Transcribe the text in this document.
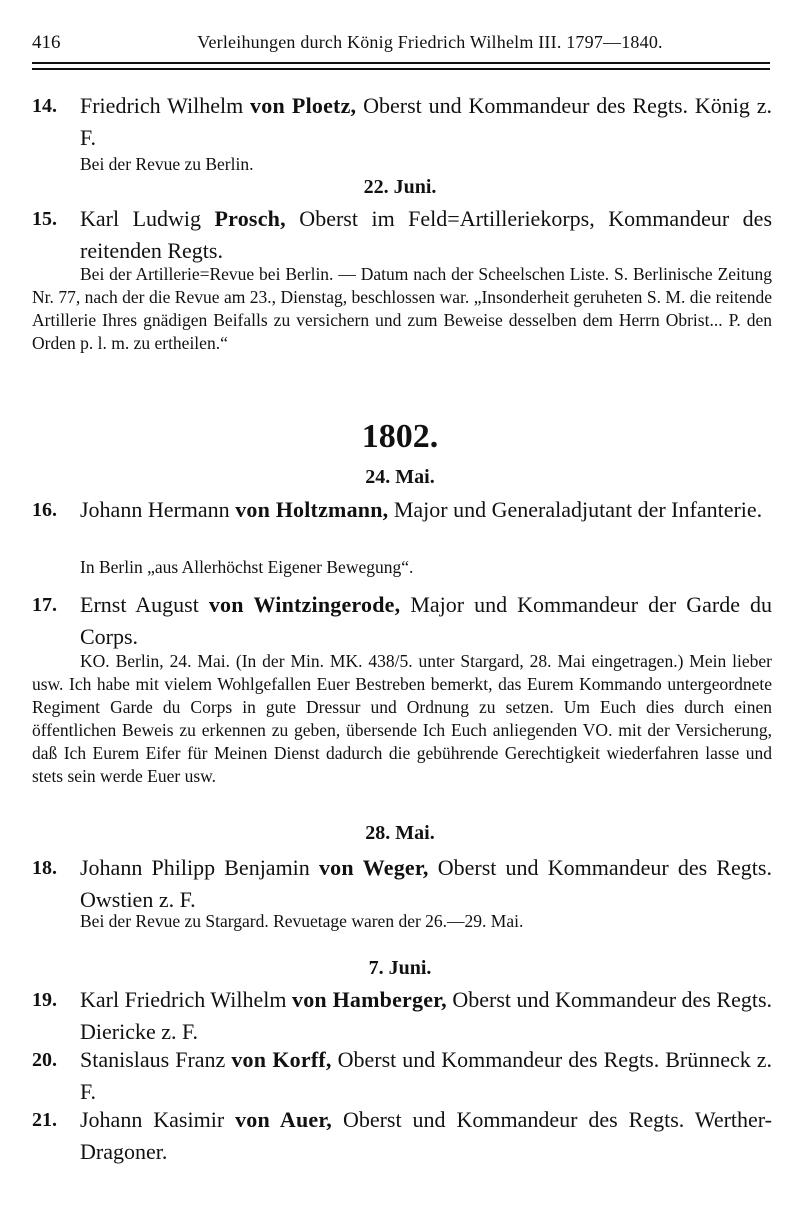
416	Verleihungen durch König Friedrich Wilhelm III. 1797—1840.
14.	Friedrich Wilhelm von Ploetz, Oberst und Kommandeur des Regts. König z. F.
Bei der Revue zu Berlin.
22. Juni.
15.	Karl Ludwig Prosch, Oberst im Feld=Artilleriekorps, Kommandeur des reitenden Regts.
Bei der Artillerie=Revue bei Berlin. — Datum nach der Scheelschen Liste. S. Berlinische Zeitung Nr. 77, nach der die Revue am 23., Dienstag, beschlossen war. „Insonderheit geruheten S. M. die reitende Artillerie Ihres gnädigen Beifalls zu versichern und zum Beweise desselben dem Herrn Obrist... P. den Orden p. l. m. zu ertheilen.“
1802.
24. Mai.
16.	Johann Hermann von Holtzmann, Major und Generaladjutant der Infanterie.
In Berlin „aus Allerhöchst Eigener Bewegung“.
17.	Ernst August von Wintzingerode, Major und Kommandeur der Garde du Corps.
KO. Berlin, 24. Mai. (In der Min. MK. 438/5. unter Stargard, 28. Mai eingetragen.) Mein lieber usw. Ich habe mit vielem Wohlgefallen Euer Bestreben bemerkt, das Eurem Kommando untergeordnete Regiment Garde du Corps in gute Dressur und Ordnung zu setzen. Um Euch dies durch einen öffentlichen Beweis zu erkennen zu geben, übersende Ich Euch anliegenden VO. mit der Versicherung, daß Ich Eurem Eifer für Meinen Dienst dadurch die gebührende Gerechtigkeit wiederfahren lasse und stets sein werde Euer usw.
28. Mai.
18.	Johann Philipp Benjamin von Weger, Oberst und Kommandeur des Regts. Owstien z. F.
Bei der Revue zu Stargard. Revuetage waren der 26.—29. Mai.
7. Juni.
19.	Karl Friedrich Wilhelm von Hamberger, Oberst und Kommandeur des Regts. Diericke z. F.
20.	Stanislaus Franz von Korff, Oberst und Kommandeur des Regts. Brünneck z. F.
21.	Johann Kasimir von Auer, Oberst und Kommandeur des Regts. Werther-Dragoner.
